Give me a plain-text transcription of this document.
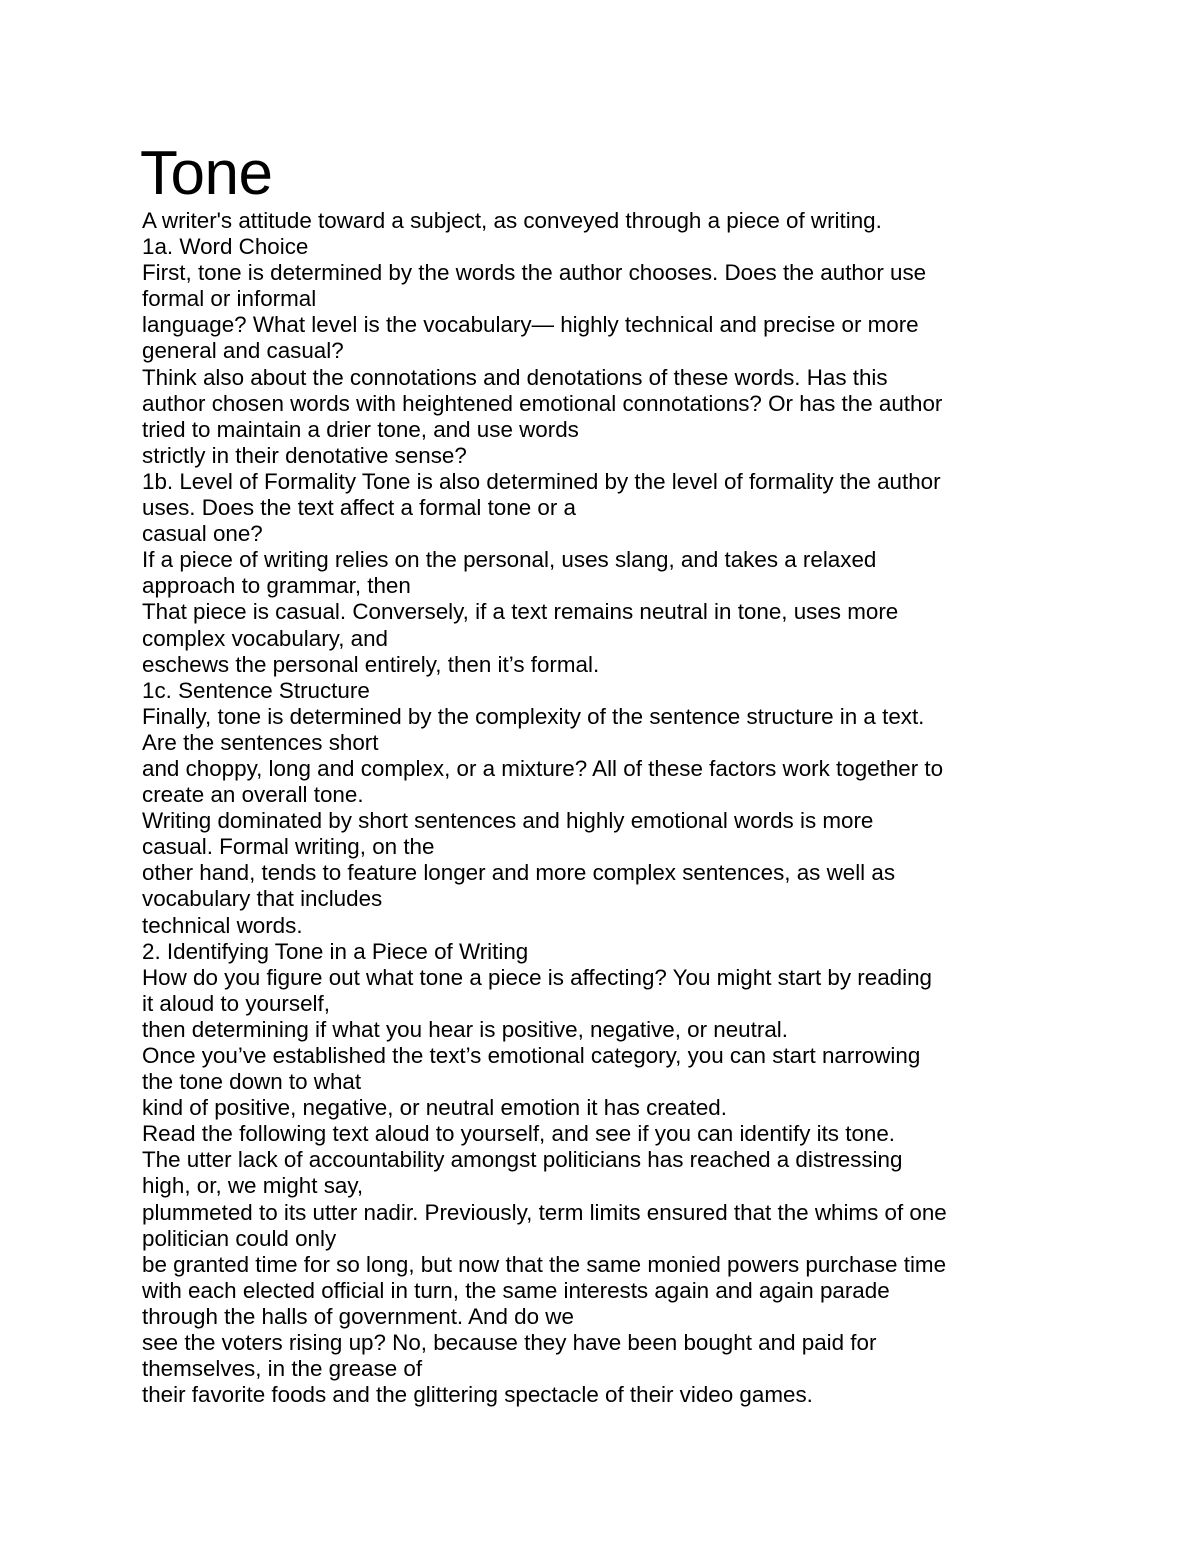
Tone
A writer's attitude toward a subject, as conveyed through a piece of writing.
1a. Word Choice
First, tone is determined by the words the author chooses. Does the author use
formal or informal
language? What level is the vocabulary— highly technical and precise or more
general and casual?
Think also about the connotations and denotations of these words. Has this
author chosen words with heightened emotional connotations? Or has the author
tried to maintain a drier tone, and use words
strictly in their denotative sense?
1b. Level of Formality Tone is also determined by the level of formality the author
uses. Does the text affect a formal tone or a
casual one?
If a piece of writing relies on the personal, uses slang, and takes a relaxed
approach to grammar, then
That piece is casual. Conversely, if a text remains neutral in tone, uses more
complex vocabulary, and
eschews the personal entirely, then it’s formal.
1c. Sentence Structure
Finally, tone is determined by the complexity of the sentence structure in a text.
Are the sentences short
and choppy, long and complex, or a mixture? All of these factors work together to
create an overall tone.
Writing dominated by short sentences and highly emotional words is more
casual. Formal writing, on the
other hand, tends to feature longer and more complex sentences, as well as
vocabulary that includes
technical words.
2. Identifying Tone in a Piece of Writing
How do you figure out what tone a piece is affecting? You might start by reading
it aloud to yourself,
then determining if what you hear is positive, negative, or neutral.
Once you’ve established the text’s emotional category, you can start narrowing
the tone down to what
kind of positive, negative, or neutral emotion it has created.
Read the following text aloud to yourself, and see if you can identify its tone.
The utter lack of accountability amongst politicians has reached a distressing
high, or, we might say,
plummeted to its utter nadir. Previously, term limits ensured that the whims of one
politician could only
be granted time for so long, but now that the same monied powers purchase time
with each elected official in turn, the same interests again and again parade
through the halls of government. And do we
see the voters rising up? No, because they have been bought and paid for
themselves, in the grease of
their favorite foods and the glittering spectacle of their video games.
